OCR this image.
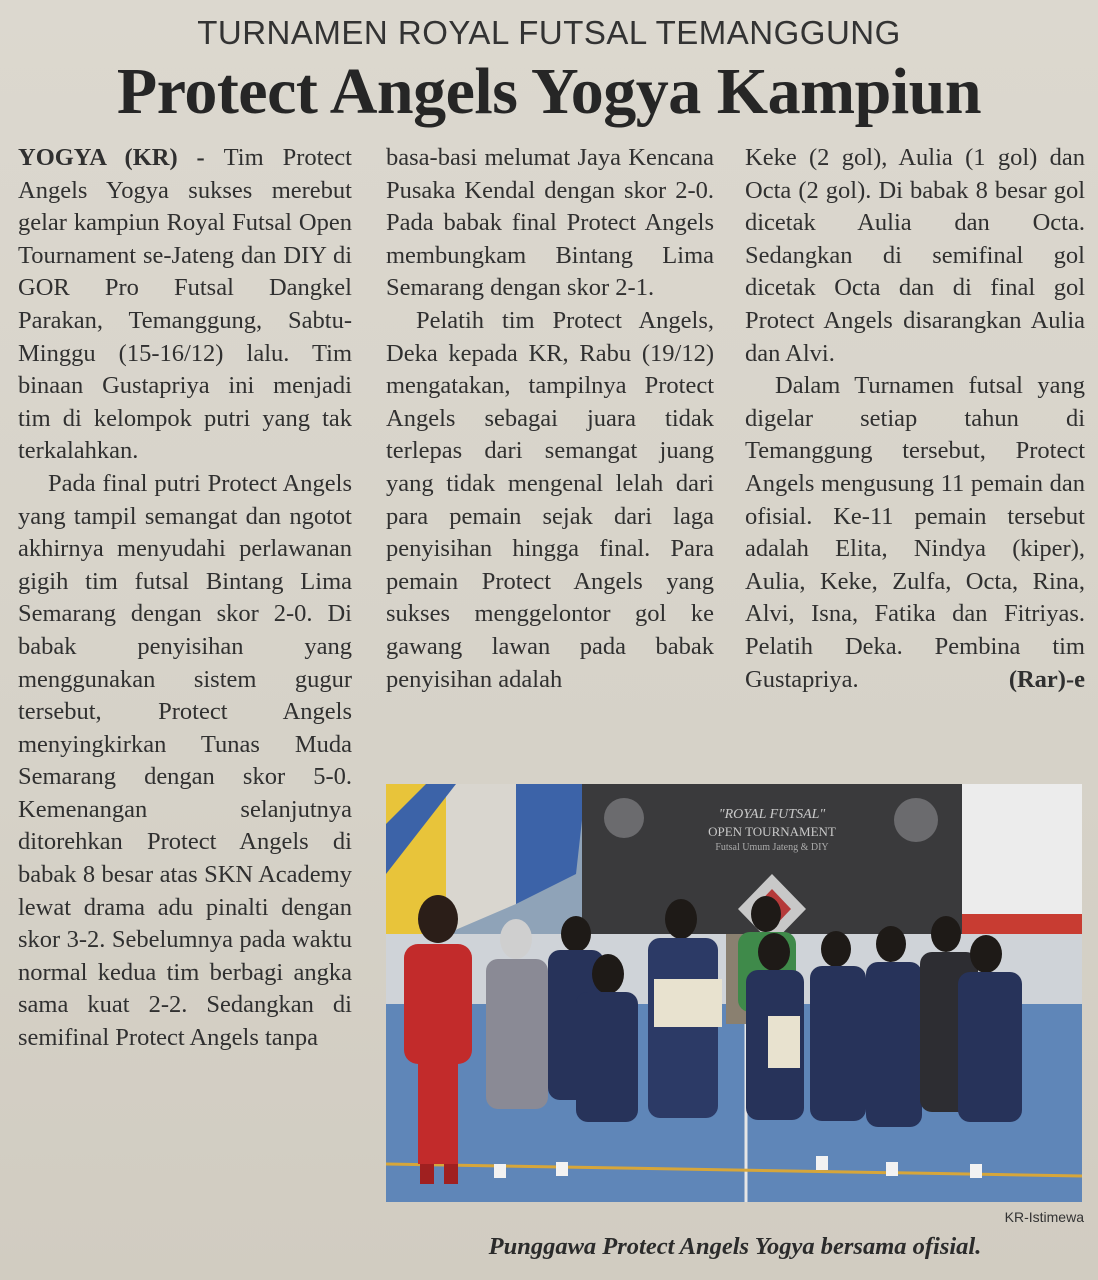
TURNAMEN ROYAL FUTSAL TEMANGGUNG
Protect Angels Yogya Kampiun

YOGYA (KR) - Tim Protect Angels Yogya sukses merebut gelar kampiun Royal Futsal Open Tournament se-Jateng dan DIY di GOR Pro Futsal Dangkel Parakan, Temanggung, Sabtu-Minggu (15-16/12) lalu. Tim binaan Gustapriya ini menjadi tim di kelompok putri yang tak terkalahkan.

Pada final putri Protect Angels yang tampil semangat dan ngotot akhirnya menyudahi perlawanan gigih tim futsal Bintang Lima Semarang dengan skor 2-0. Di babak penyisihan yang menggunakan sistem gugur tersebut, Protect Angels menyingkirkan Tunas Muda Semarang dengan skor 5-0. Kemenangan selanjutnya ditorehkan Protect Angels di babak 8 besar atas SKN Academy lewat drama adu pinalti dengan skor 3-2. Sebelumnya pada waktu normal kedua tim berbagi angka sama kuat 2-2. Sedangkan di semifinal Protect Angels tanpa

basa-basi melumat Jaya Kencana Pusaka Kendal dengan skor 2-0. Pada babak final Protect Angels membungkam Bintang Lima Semarang dengan skor 2-1.

Pelatih tim Protect Angels, Deka kepada KR, Rabu (19/12) mengatakan, tampilnya Protect Angels sebagai juara tidak terlepas dari semangat juang yang tidak mengenal lelah dari para pemain sejak dari laga penyisihan hingga final. Para pemain Protect Angels yang sukses menggelontor gol ke gawang lawan pada babak penyisihan adalah

Keke (2 gol), Aulia (1 gol) dan Octa (2 gol). Di babak 8 besar gol dicetak Aulia dan Octa. Sedangkan di semifinal gol dicetak Octa dan di final gol Protect Angels disarangkan Aulia dan Alvi.

Dalam Turnamen futsal yang digelar setiap tahun di Temanggung tersebut, Protect Angels mengusung 11 pemain dan ofisial. Ke-11 pemain tersebut adalah Elita, Nindya (kiper), Aulia, Keke, Zulfa, Octa, Rina, Alvi, Isna, Fatika dan Fitriyas. Pelatih Deka. Pembina tim Gustapriya.	(Rar)-e

"ROYAL FUTSAL"
OPEN TOURNAMENT
Futsal Umum Jateng & DIY
KR-Istimewa
Punggawa Protect Angels Yogya bersama ofisial.
